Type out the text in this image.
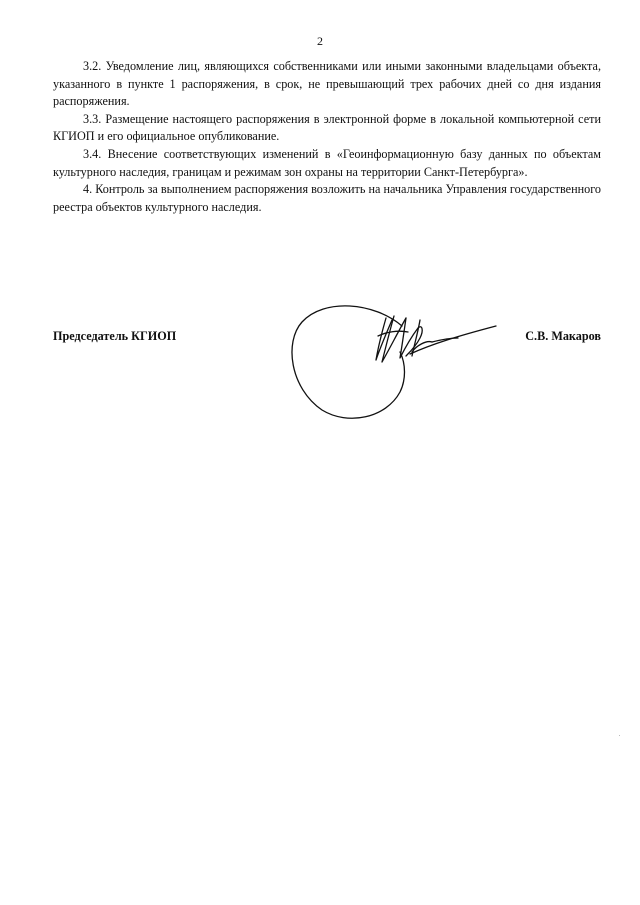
2

3.2. Уведомление лиц, являющихся собственниками или иными законными владельцами объекта, указанного в пункте 1 распоряжения, в срок, не превышающий трех рабочих дней со дня издания распоряжения.

3.3. Размещение настоящего распоряжения в электронной форме в локальной компьютерной сети КГИОП и его официальное опубликование.

3.4. Внесение соответствующих изменений в «Геоинформационную базу данных по объектам культурного наследия, границам и режимам зон охраны на территории Санкт-Петербурга».

4. Контроль за выполнением распоряжения возложить на начальника Управления государственного реестра объектов культурного наследия.

Председатель КГИОП	С.В. Макаров
